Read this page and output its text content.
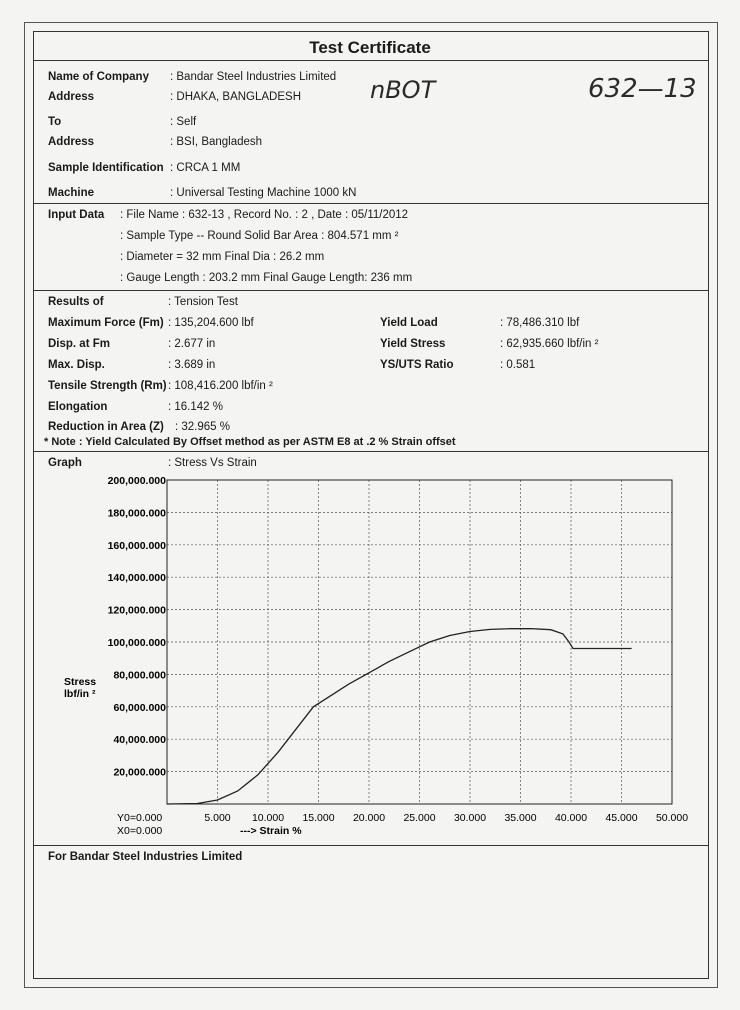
Test Certificate
nBOT	632—13
Name of Company : Bandar Steel Industries Limited
Address	: DHAKA, BANGLADESH
To	: Self
Address	: BSI, Bangladesh
Sample Identification : CRCA 1 MM
Machine	: Universal Testing Machine 1000 kN
Input Data : File Name : 632-13 , Record No. : 2 , Date : 05/11/2012
: Sample Type -- Round Solid Bar Area : 804.571 mm ²
: Diameter = 32 mm Final Dia : 26.2 mm
: Gauge Length : 203.2 mm Final Gauge Length: 236 mm
Results of	: Tension Test
Maximum Force (Fm) : 135,204.600 lbf	Yield Load	: 78,486.310 lbf
Disp. at Fm	: 2.677 in	Yield Stress	: 62,935.660 lbf/in ²
Max. Disp.	: 3.689 in	YS/UTS Ratio	: 0.581
Tensile Strength (Rm) : 108,416.200 lbf/in ²
Elongation	: 16.142 %
Reduction in Area (Z) : 32.965 %
* Note : Yield Calculated By Offset method as per ASTM E8 at .2 % Strain offset
Graph	: Stress Vs Strain
20,000.000
40,000.000
60,000.000
80,000.000
100,000.000
120,000.000
140,000.000
160,000.000
180,000.000
200,000.000
5.000 10.000 15.000 20.000 25.000 30.000 35.000 40.000 45.000 50.000
Stress
lbf/in ²
Y0=0.000
X0=0.000	---> Strain %
For Bandar Steel Industries Limited
